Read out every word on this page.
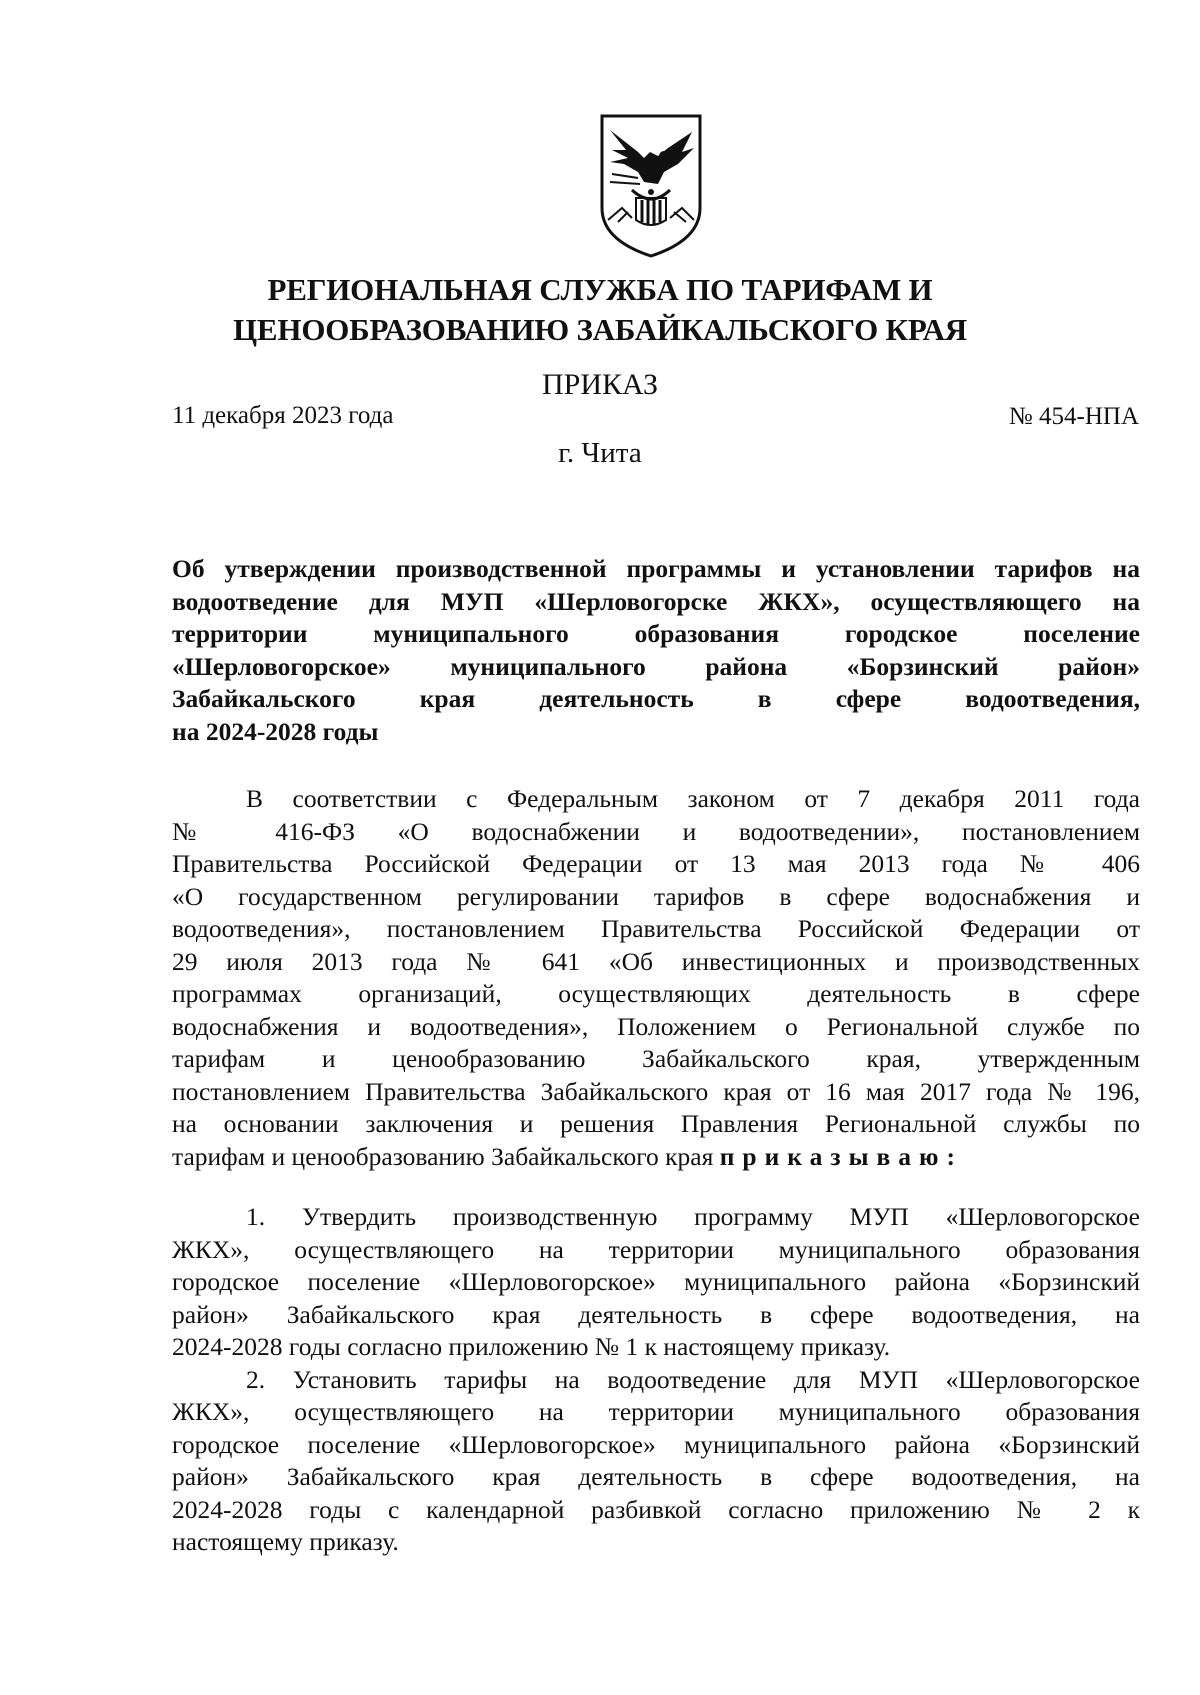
РЕГИОНАЛЬНАЯ СЛУЖБА ПО ТАРИФАМ И
ЦЕНООБРАЗОВАНИЮ ЗАБАЙКАЛЬСКОГО КРАЯ
ПРИКАЗ
11 декабря 2023 года	№ 454-НПА
г. Чита
Об утверждении производственной программы и установлении тарифов на
водоотведение для МУП «Шерловогорске ЖКХ», осуществляющего на
территории муниципального образования городское поселение
«Шерловогорское» муниципального района «Борзинский район»
Забайкальского края деятельность в сфере водоотведения,
на 2024-2028 годы
В соответствии с Федеральным законом от 7 декабря 2011 года
№ 416-ФЗ «О водоснабжении и водоотведении», постановлением
Правительства Российской Федерации от 13 мая 2013 года № 406
«О государственном регулировании тарифов в сфере водоснабжения и
водоотведения», постановлением Правительства Российской Федерации от
29 июля 2013 года № 641 «Об инвестиционных и производственных
программах организаций, осуществляющих деятельность в сфере
водоснабжения и водоотведения», Положением о Региональной службе по
тарифам и ценообразованию Забайкальского края, утвержденным
постановлением Правительства Забайкальского края от 16 мая 2017 года № 196,
на основании заключения и решения Правления Региональной службы по
тарифам и ценообразованию Забайкальского края приказываю:
1. Утвердить производственную программу МУП «Шерловогорское
ЖКХ», осуществляющего на территории муниципального образования
городское поселение «Шерловогорское» муниципального района «Борзинский
район» Забайкальского края деятельность в сфере водоотведения, на
2024-2028 годы согласно приложению № 1 к настоящему приказу.
2. Установить тарифы на водоотведение для МУП «Шерловогорское
ЖКХ», осуществляющего на территории муниципального образования
городское поселение «Шерловогорское» муниципального района «Борзинский
район» Забайкальского края деятельность в сфере водоотведения, на
2024-2028 годы с календарной разбивкой согласно приложению № 2 к
настоящему приказу.
